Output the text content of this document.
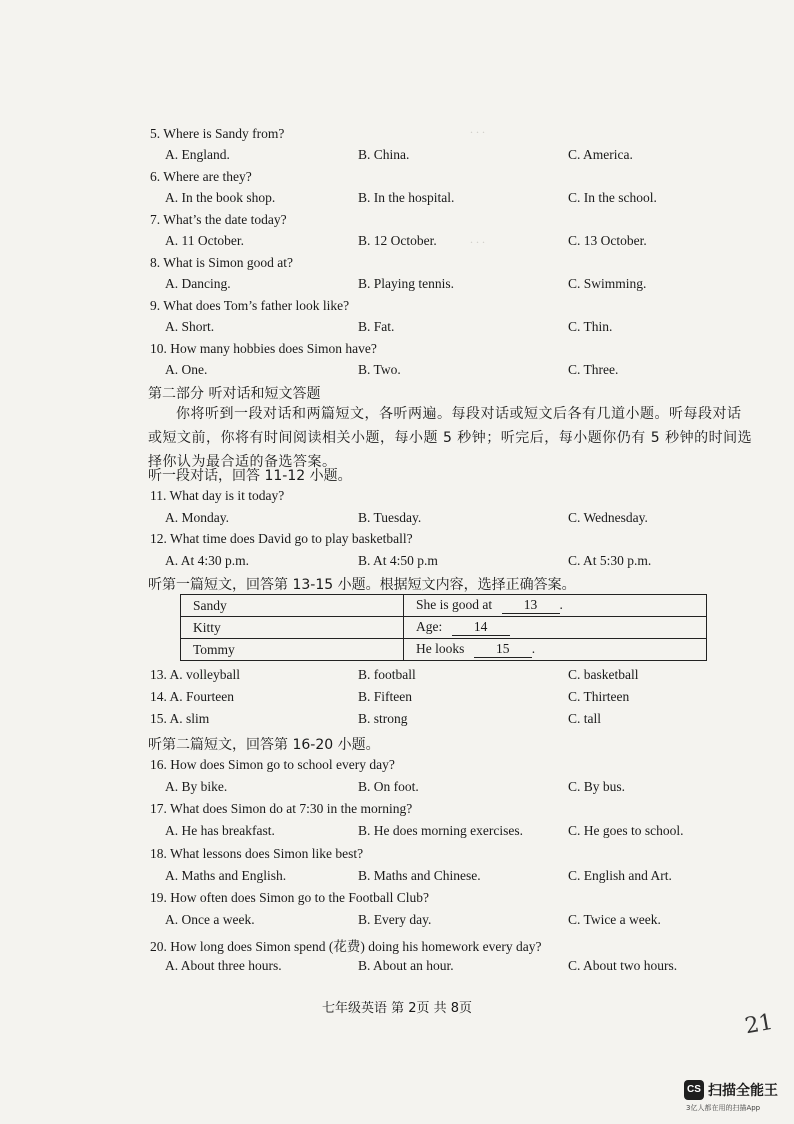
. . .
. . .
5. Where is Sandy from?
A. England.	B. China.	C. America.
6. Where are they?
A. In the book shop.	B. In the hospital.	C. In the school.
7. What’s the date today?
A. 11 October.	B. 12 October.	C. 13 October.
8. What is Simon good at?
A. Dancing.	B. Playing tennis.	C. Swimming.
9. What does Tom’s father look like?
A. Short.	B. Fat.	C. Thin.
10. How many hobbies does Simon have?
A. One.	B. Two.	C. Three.
第二部分 听对话和短文答题
你将听到一段对话和两篇短文，各听两遍。每段对话或短文后各有几道小题。听每段对话或短文前，你将有时间阅读相关小题，每小题 5 秒钟；听完后，每小题你仍有 5 秒钟的时间选择你认为最合适的备选答案。
听一段对话，回答 11-12 小题。
11. What day is it today?
A. Monday.	B. Tuesday.	C. Wednesday.
12. What time does David go to play basketball?
A. At 4:30 p.m.	B. At 4:50 p.m	C. At 5:30 p.m.
听第一篇短文，回答第 13-15 小题。根据短文内容，选择正确答案。
Sandy	She is good at 13 .
Kitty	Age: 14
Tommy	He looks 15 .
13. A. volleyball	B. football	C. basketball
14. A. Fourteen	B. Fifteen	C. Thirteen
15. A. slim	B. strong	C. tall
听第二篇短文，回答第 16-20 小题。
16. How does Simon go to school every day?
A. By bike.	B. On foot.	C. By bus.
17. What does Simon do at 7:30 in the morning?
A. He has breakfast.	B. He does morning exercises.	C. He goes to school.
18. What lessons does Simon like best?
A. Maths and English.	B. Maths and Chinese.	C. English and Art.
19. How often does Simon go to the Football Club?
A. Once a week.	B. Every day.	C. Twice a week.
20. How long does Simon spend (花费) doing his homework every day?
A. About three hours.	B. About an hour.	C. About two hours.
七年级英语 第 2页 共 8页
21
CS 扫描全能王
3亿人都在用的扫描App
